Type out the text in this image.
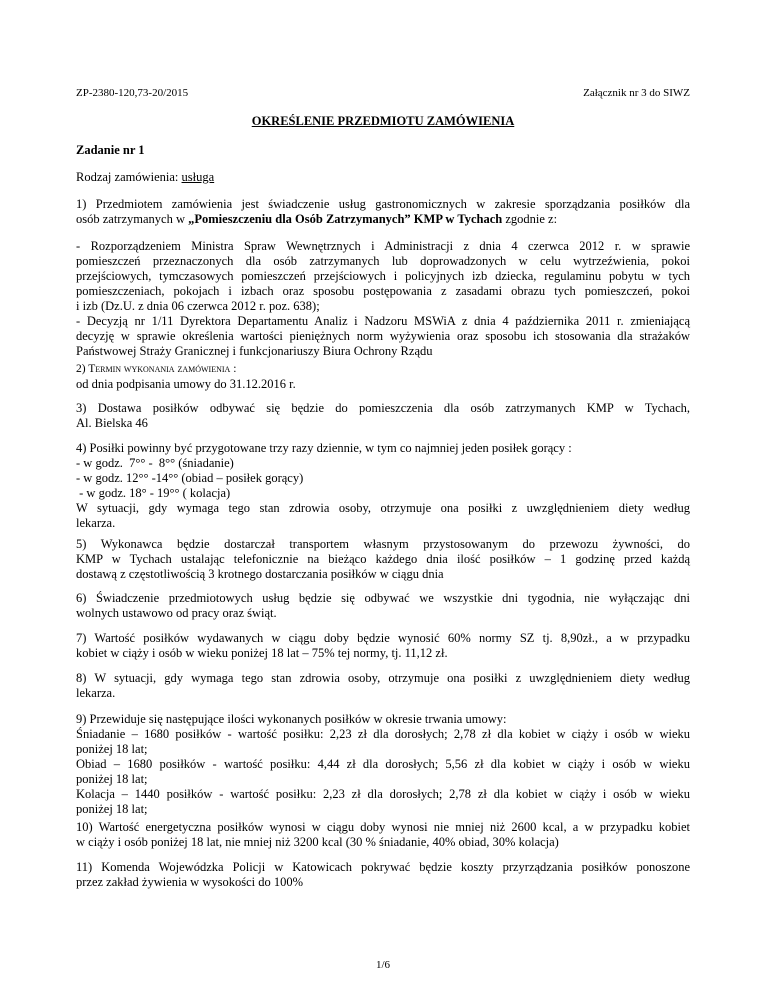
ZP-2380-120,73-20/2015	Załącznik nr 3 do SIWZ
OKREŚLENIE PRZEDMIOTU ZAMÓWIENIA
Zadanie nr 1
Rodzaj zamówienia: usługa

1) Przedmiotem zamówienia jest świadczenie usług gastronomicznych w zakresie sporządzania posiłków dla

osób zatrzymanych w „Pomieszczeniu dla Osób Zatrzymanych” KMP w Tychach zgodnie z:

- Rozporządzeniem Ministra Spraw Wewnętrznych i Administracji z dnia 4 czerwca 2012 r. w sprawie

pomieszczeń przeznaczonych dla osób zatrzymanych lub doprowadzonych w celu wytrzeźwienia, pokoi

przejściowych, tymczasowych pomieszczeń przejściowych i policyjnych izb dziecka, regulaminu pobytu w tych

pomieszczeniach, pokojach i izbach oraz sposobu postępowania z zasadami obrazu tych pomieszczeń, pokoi

i izb (Dz.U. z dnia 06 czerwca 2012 r. poz. 638);

- Decyzją nr 1/11 Dyrektora Departamentu Analiz i Nadzoru MSWiA z dnia 4 października 2011 r. zmieniającą

decyzję w sprawie określenia wartości pieniężnych norm wyżywienia oraz sposobu ich stosowania dla strażaków

Państwowej Straży Granicznej i funkcjonariuszy Biura Ochrony Rządu

2) Termin wykonania zamówienia :

od dnia podpisania umowy do 31.12.2016 r.

3) Dostawa posiłków odbywać się będzie do pomieszczenia dla osób zatrzymanych KMP w Tychach,

Al. Bielska 46

4) Posiłki powinny być przygotowane trzy razy dziennie, w tym co najmniej jeden posiłek gorący :

- w godz.  7°° -  8°° (śniadanie)

- w godz. 12°° -14°° (obiad – posiłek gorący)

- w godz. 18° - 19°° ( kolacja)

W sytuacji, gdy wymaga tego stan zdrowia osoby, otrzymuje ona posiłki z uwzględnieniem diety według

lekarza.

5) Wykonawca będzie dostarczał transportem własnym przystosowanym do przewozu żywności, do

KMP w Tychach ustalając telefonicznie na bieżąco każdego dnia ilość posiłków – 1 godzinę przed każdą

dostawą z częstotliwością 3 krotnego dostarczania posiłków w ciągu dnia

6) Świadczenie przedmiotowych usług będzie się odbywać we wszystkie dni tygodnia, nie wyłączając dni

wolnych ustawowo od pracy oraz świąt.

7) Wartość posiłków wydawanych w ciągu doby będzie wynosić 60% normy SZ tj. 8,90zł., a w przypadku

kobiet w ciąży i osób w wieku poniżej 18 lat – 75% tej normy, tj. 11,12 zł.

8) W sytuacji, gdy wymaga tego stan zdrowia osoby, otrzymuje ona posiłki z uwzględnieniem diety według

lekarza.

9) Przewiduje się następujące ilości wykonanych posiłków w okresie trwania umowy:

Śniadanie – 1680 posiłków - wartość posiłku: 2,23 zł dla dorosłych; 2,78 zł dla kobiet w ciąży i osób w wieku

poniżej 18 lat;

Obiad – 1680 posiłków - wartość posiłku: 4,44 zł dla dorosłych; 5,56 zł dla kobiet w ciąży i osób w wieku

poniżej 18 lat;

Kolacja – 1440 posiłków - wartość posiłku: 2,23 zł dla dorosłych; 2,78 zł dla kobiet w ciąży i osób w wieku

poniżej 18 lat;

10) Wartość energetyczna posiłków wynosi w ciągu doby wynosi nie mniej niż 2600 kcal, a w przypadku kobiet

w ciąży i osób poniżej 18 lat, nie mniej niż 3200 kcal (30 % śniadanie, 40% obiad, 30% kolacja)

11) Komenda Wojewódzka Policji w Katowicach pokrywać będzie koszty przyrządzania posiłków ponoszone

przez zakład żywienia w wysokości do 100%

1/6
